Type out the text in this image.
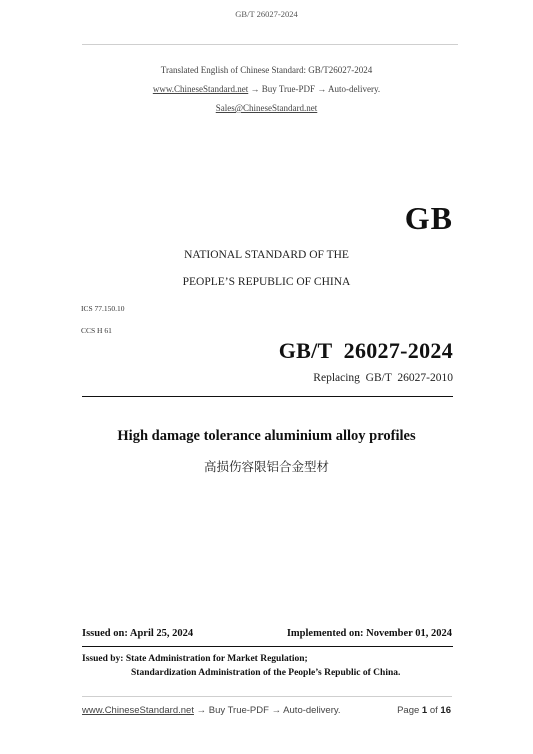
GB/T 26027-2024
Translated English of Chinese Standard: GB/T26027-2024
www.ChineseStandard.net → Buy True-PDF → Auto-delivery.
Sales@ChineseStandard.net
GB
NATIONAL STANDARD OF THE
PEOPLE’S REPUBLIC OF CHINA
ICS 77.150.10
CCS H 61
GB/T  26027-2024
Replacing  GB/T  26027-2010
High damage tolerance aluminium alloy profiles
高损伤容限铝合金型材
Issued on: April 25, 2024	Implemented on: November 01, 2024
Issued by: State Administration for Market Regulation;
Standardization Administration of the People’s Republic of China.
www.ChineseStandard.net → Buy True-PDF → Auto-delivery.	Page 1 of 16
